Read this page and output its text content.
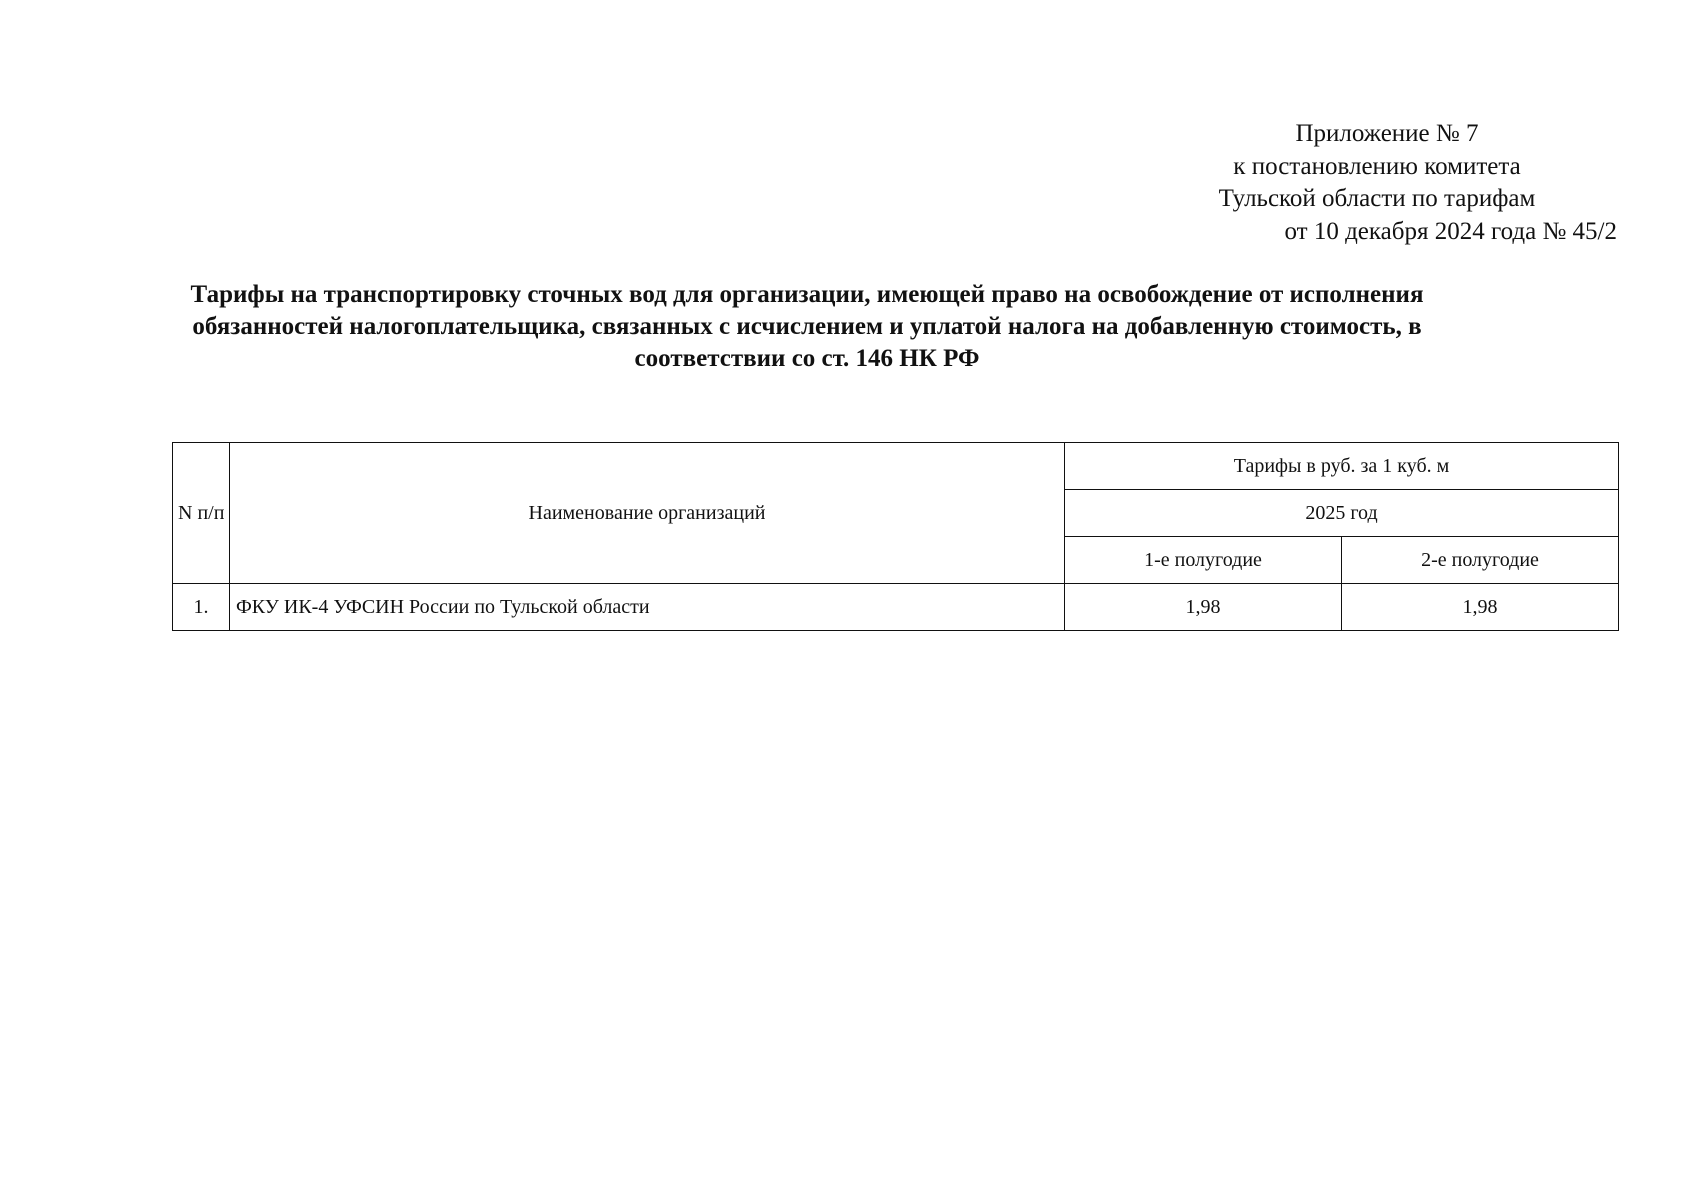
Приложение № 7
к постановлению комитета
Тульской области по тарифам
от 10 декабря 2024 года № 45/2
Тарифы на транспортировку сточных вод для организации, имеющей право на освобождение от исполнения обязанностей налогоплательщика, связанных с исчислением и уплатой налога на добавленную стоимость, в соответствии со ст. 146 НК РФ
N п/п	Наименование организаций	Тарифы в руб. за 1 куб. м	
		2025 год	
		1-е полугодие	2-е полугодие
1.	ФКУ ИК-4 УФСИН России по Тульской области	1,98	1,98
